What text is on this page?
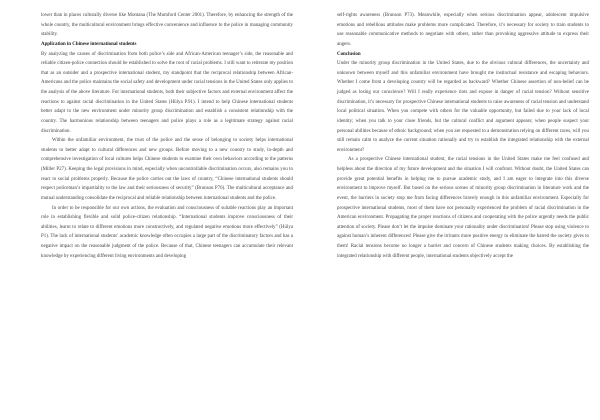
lower than in places culturally diverse like Montana (The Mumford Center 2001). Therefore, by enhancing the strength of the whole country, the multicultural environment brings effective convenience and influence to the police in managing community stability.

Application in Chinese international students

By analyzing the causes of discrimination from both police’s side and African-American teenager’s side, the reasonable and reliable citizen-police connection should be established to solve the root of racial problems. I still want to reiterate my position that as an outsider and a prospective international student, my standpoint that the reciprocal relationship between African-Americans and the police maintains the social safety and development under racial tensions in the United States only applies to the analysis of the above literature. For international students, both their subjective factors and external environment affect the reactions to against racial discrimination in the United States (Hülya P.91). I intend to help Chinese international students better adapt to the new environment under minority group discrimination and establish a consistent relationship with the country. The harmonious relationship between teenagers and police plays a role as a legitimate strategy against racial discrimination.

Within the unfamiliar environment, the trust of the police and the sense of belonging to society helps international students to better adapt to cultural differences and new groups. Before moving to a new country to study, in-depth and comprehensive investigation of local cultures helps Chinese students to examine their own behaviors according to the patterns (Miller P27). Keeping the legal provisions in mind, especially when uncontrollable discrimination occurs, also remains you to react to social problems properly. Because the police carries out the laws of country, “Chinese international students should respect policeman’s impartiality to the law and their seriousness of security” (Brunson P76). The multicultural acceptance and mutual understanding consolidate the reciprocal and reliable relationship between international students and the police.

In order to be responsible for our own actions, the evaluation and consciousness of suitable reactions play an important role in establishing flexible and solid police-citizen relationship. “International students improve consciousness of their abilities, learnt to relate to different emotions more constructively, and regulated negative emotions more effectively” (Hülya P1). The lack of international students’ academic knowledge often occupies a large part of the discriminatory factors and has a negative impact on the reasonable judgment of the police. Because of that, Chinese teenagers can accumulate their relevant knowledge by experiencing different living environments and developing

self-rights awareness (Brunson P73). Meanwhile, especially when serious discrimination appear, adolescent impulsive emotions and rebellious attitudes make problems more complicated. Therefore, it’s necessary for society to train students to use reasonable communicative methods to negotiate with others, rather than provoking aggressive attitude to express their angers.

Conclusion

Under the minority group discrimination in the United States, due to the obvious cultural differences, the uncertainty and unknown between myself and this unfamiliar environment have brought me instinctual resistance and escaping behaviors. Whether I come from a developing country will be regarded as backward? Whether Chinese assertion of non-belief can be judged as losing our conscience? Will I really experience riots and expose in danger of racial tension? Without sensitive discrimination, it’s necessary for prospective Chinese international students to raise awareness of racial tension and understand local political situation. When you compete with others for the valuable opportunity, but failed due to your lack of local identity; when you talk to your close friends, but the cultural conflict and argument appears; when people suspect your personal abilities because of ethnic background; when you are requested to a demonstration relying on different races, will you still remain calm to analyze the current situation rationally and try to establish the integrated relationship with the external environment?

As a prospective Chinese international student, the racial tensions in the United States make me feel confused and helpless about the direction of my future development and the situation I will confront. Without doubt, the United States can provide great potential benefits in helping me to pursue academic study, and I am eager to integrate into this diverse environment to improve myself. But based on the serious scenes of minority group discrimination in literature work and the event, the barriers in society stop me from facing differences bravely enough in this unfamiliar environment. Especially for prospective international students, most of them have not personally experienced the problem of racial discrimination in the American environment. Propagating the proper reactions of citizens and cooperating with the police urgently needs the public attention of society. Please don’t let the impulse dominate your rationality under discrimination! Please stop using violence to against human’s inherent differences! Please give the irritants more positive energy to eliminate the hatred the society gives to them! Racial tensions become no longer a barrier and concern of Chinese students making choices. By establishing the integrated relationship with different people, international students objectively accept the
